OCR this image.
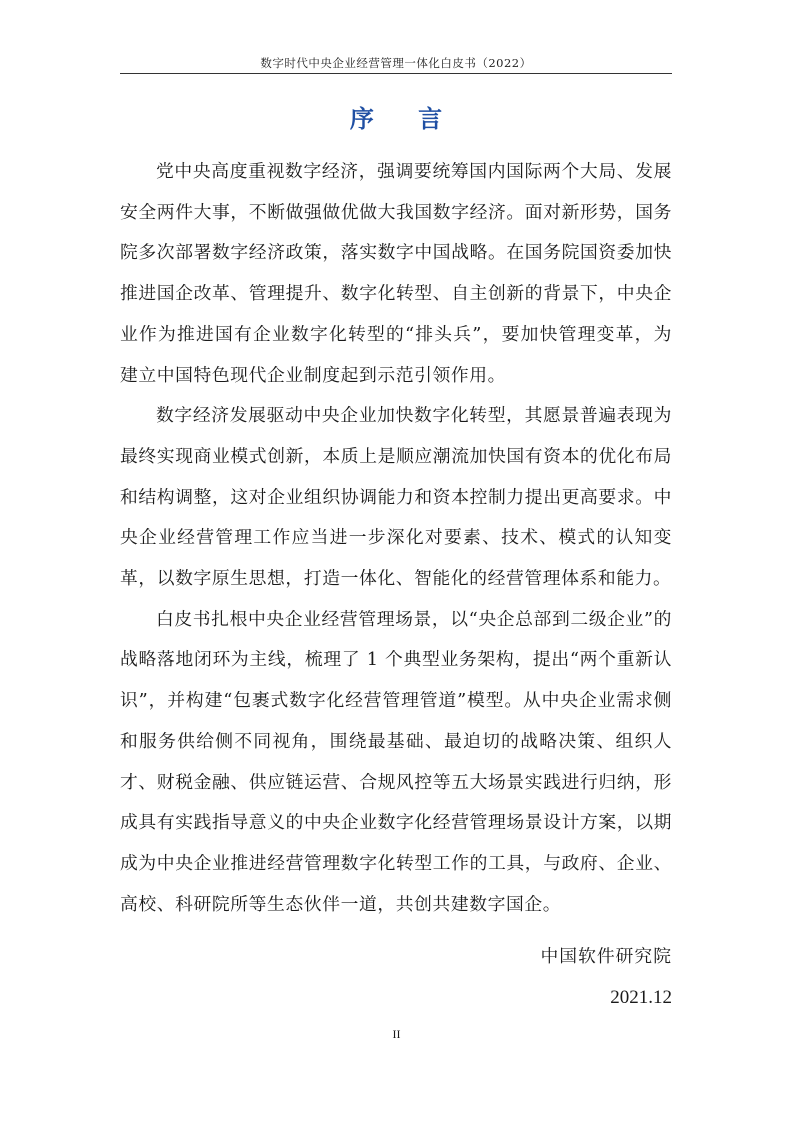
数字时代中央企业经营管理一体化白皮书（2022）
序 言

党中央高度重视数字经济，强调要统筹国内国际两个大局、发展安全两件大事，不断做强做优做大我国数字经济。面对新形势，国务院多次部署数字经济政策，落实数字中国战略。在国务院国资委加快推进国企改革、管理提升、数字化转型、自主创新的背景下，中央企业作为推进国有企业数字化转型的“排头兵”，要加快管理变革，为建立中国特色现代企业制度起到示范引领作用。

数字经济发展驱动中央企业加快数字化转型，其愿景普遍表现为最终实现商业模式创新，本质上是顺应潮流加快国有资本的优化布局和结构调整，这对企业组织协调能力和资本控制力提出更高要求。中央企业经营管理工作应当进一步深化对要素、技术、模式的认知变革，以数字原生思想，打造一体化、智能化的经营管理体系和能力。

白皮书扎根中央企业经营管理场景，以“央企总部到二级企业”的战略落地闭环为主线，梳理了 1 个典型业务架构，提出“两个重新认识”，并构建“包裹式数字化经营管理管道”模型。从中央企业需求侧和服务供给侧不同视角，围绕最基础、最迫切的战略决策、组织人才、财税金融、供应链运营、合规风控等五大场景实践进行归纳，形成具有实践指导意义的中央企业数字化经营管理场景设计方案，以期成为中央企业推进经营管理数字化转型工作的工具，与政府、企业、高校、科研院所等生态伙伴一道，共创共建数字国企。

中国软件研究院
2021.12
II
